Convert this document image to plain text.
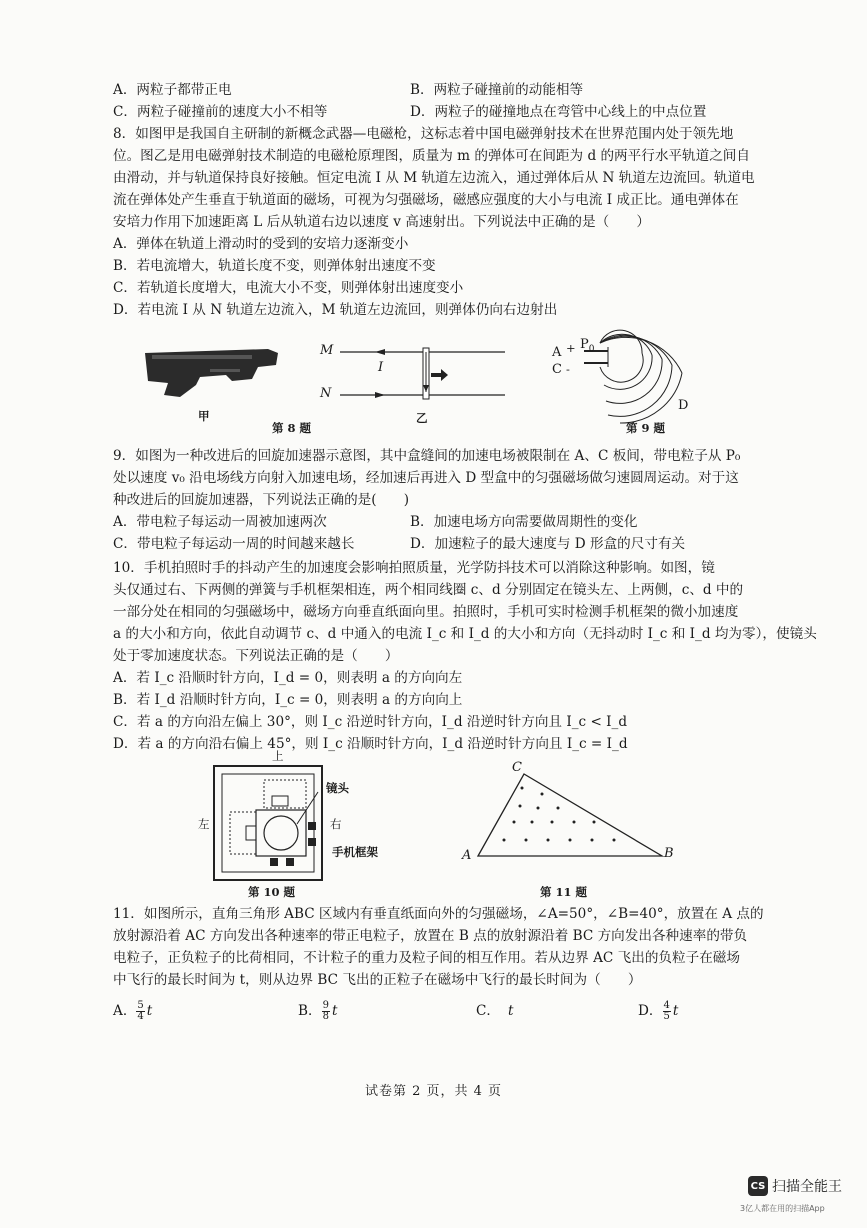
A．两粒子都带正电	B．两粒子碰撞前的动能相等
C．两粒子碰撞前的速度大小不相等	D．两粒子的碰撞地点在弯管中心线上的中点位置
8．如图甲是我国自主研制的新概念武器—电磁枪，这标志着中国电磁弹射技术在世界范围内处于领先地
位。图乙是用电磁弹射技术制造的电磁枪原理图，质量为 m 的弹体可在间距为 d 的两平行水平轨道之间自
由滑动，并与轨道保持良好接触。恒定电流 I 从 M 轨道左边流入，通过弹体后从 N 轨道左边流回。轨道电
流在弹体处产生垂直于轨道面的磁场，可视为匀强磁场，磁感应强度的大小与电流 I 成正比。通电弹体在
安培力作用下加速距离 L 后从轨道右边以速度 v 高速射出。下列说法中正确的是（　　）
A．弹体在轨道上滑动时的受到的安培力逐渐变小
B．若电流增大，轨道长度不变，则弹体射出速度不变
C．若轨道长度增大，电流大小不变，则弹体射出速度变小
D．若电流 I 从 N 轨道左边流入，M 轨道左边流回，则弹体仍向右边射出
甲
M
N
I
乙
第 8 题
A
C
+
-
$P_0$
D
第 9 题
9．如图为一种改进后的回旋加速器示意图，其中盒缝间的加速电场被限制在 A、C 板间，带电粒子从 P₀
处以速度 v₀ 沿电场线方向射入加速电场，经加速后再进入 D 型盒中的匀强磁场做匀速圆周运动。对于这
种改进后的回旋加速器，下列说法正确的是(　　)
A．带电粒子每运动一周被加速两次	B．加速电场方向需要做周期性的变化
C．带电粒子每运动一周的时间越来越长	D．加速粒子的最大速度与 D 形盒的尺寸有关
10．手机拍照时手的抖动产生的加速度会影响拍照质量，光学防抖技术可以消除这种影响。如图，镜
头仅通过右、下两侧的弹簧与手机框架相连，两个相同线圈 c、d 分别固定在镜头左、上两侧，c、d 中的
一部分处在相同的匀强磁场中，磁场方向垂直纸面向里。拍照时，手机可实时检测手机框架的微小加速度
a 的大小和方向，依此自动调节 c、d 中通入的电流 I_c 和 I_d 的大小和方向（无抖动时 I_c 和 I_d 均为零），使镜头
处于零加速度状态。下列说法正确的是（　　）
A．若 I_c 沿顺时针方向，I_d = 0，则表明 a 的方向向左
B．若 I_d 沿顺时针方向，I_c = 0，则表明 a 的方向向上
C．若 a 的方向沿左偏上 30°，则 I_c 沿逆时针方向，I_d 沿逆时针方向且 I_c < I_d
D．若 a 的方向沿右偏上 45°，则 I_c 沿顺时针方向，I_d 沿逆时针方向且 I_c = I_d
上
左	右
镜头
手机框架
第 10 题
C
A	B
第 11 题
11．如图所示，直角三角形 ABC 区域内有垂直纸面向外的匀强磁场，∠A=50°，∠B=40°，放置在 A 点的
放射源沿着 AC 方向发出各种速率的带正电粒子，放置在 B 点的放射源沿着 BC 方向发出各种速率的带负
电粒子，正负粒子的比荷相同，不计粒子的重力及粒子间的相互作用。若从边界 AC 飞出的负粒子在磁场
中飞行的最长时间为 t，则从边界 BC 飞出的正粒子在磁场中飞行的最长时间为（　　）
A． $\frac{5}{4}$ t	B． $\frac{9}{8}$ t	C． t	D． $\frac{4}{5}$ t
试卷第 2 页，共 4 页
CS 扫描全能王
3亿人都在用的扫描App
